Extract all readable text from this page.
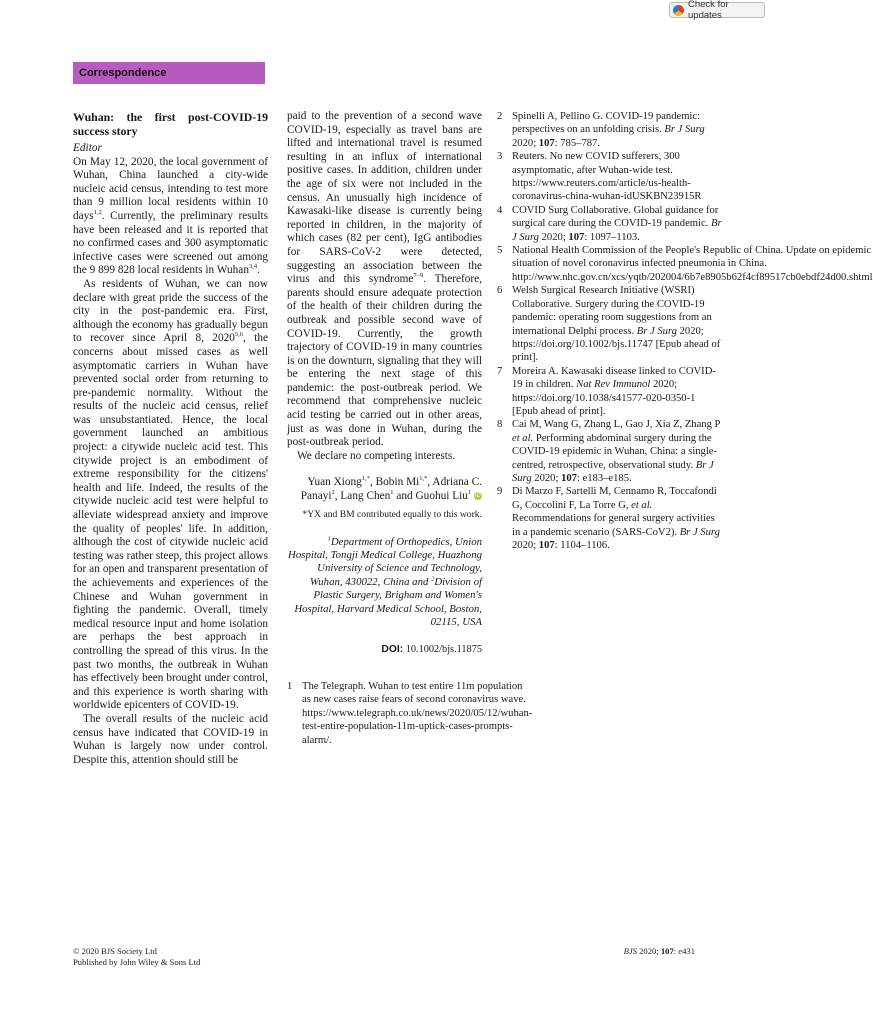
Check for updates
Correspondence

Wuhan: the first post-COVID-19 success story

Editor

On May 12, 2020, the local government of Wuhan, China launched a city-wide nucleic acid census, intending to test more than 9 million local residents within 10 days$^{1,2}$. Currently, the preliminary results have been released and it is reported that no confirmed cases and 300 asymptomatic infective cases were screened out among the 9 899 828 local residents in Wuhan$^{3,4}$.

As residents of Wuhan, we can now declare with great pride the success of the city in the post-pandemic era. First, although the economy has gradually begun to recover since April 8, 2020$^{5,6}$, the concerns about missed cases as well asymptomatic carriers in Wuhan have prevented social order from returning to pre-pandemic normality. Without the results of the nucleic acid census, relief was unsubstantiated. Hence, the local government launched an ambitious project: a citywide nucleic acid test. This citywide project is an embodiment of extreme responsibility for the citizens' health and life. Indeed, the results of the citywide nucleic acid test were helpful to alleviate widespread anxiety and improve the quality of peoples' life. In addition, although the cost of citywide nucleic acid testing was rather steep, this project allows for an open and transparent presentation of the achievements and experiences of the Chinese and Wuhan government in fighting the pandemic. Overall, timely medical resource input and home isolation are perhaps the best approach in controlling the spread of this virus. In the past two months, the outbreak in Wuhan has effectively been brought under control, and this experience is worth sharing with worldwide epicenters of COVID-19.

The overall results of the nucleic acid census have indicated that COVID-19 in Wuhan is largely now under control. Despite this, attention should still be

paid to the prevention of a second wave COVID-19, especially as travel bans are lifted and international travel is resumed resulting in an influx of international positive cases. In addition, children under the age of six were not included in the census. An unusually high incidence of Kawasaki-like disease is currently being reported in children, in the majority of which cases (82 per cent), IgG antibodies for SARS-CoV-2 were detected, suggesting an association between the virus and this syndrome$^{7-9}$. Therefore, parents should ensure adequate protection of the health of their children during the outbreak and possible second wave of COVID-19. Currently, the growth trajectory of COVID-19 in many countries is on the downturn, signaling that they will be entering the next stage of this pandemic: the post-outbreak period. We recommend that comprehensive nucleic acid testing be carried out in other areas, just as was done in Wuhan, during the post-outbreak period.

We declare no competing interests.

Yuan Xiong$^{1,*}$, Bobin $Mi^{1,*}$, Adriana C. Panayi$^2$, Lang Chen$^1$ and Guohui Liu$^1$ iD

*YX and BM contributed equally to this work.

$^1$Department of Orthopedics, Union Hospital, Tongji Medical College, Huazhong University of Science and Technology, Wuhan, 430022, China and $^2$Division of Plastic Surgery, Brigham and Women's Hospital, Harvard Medical School, Boston, 02115, USA

DOI: 10.1002/bjs.11875

1 The Telegraph. Wuhan to test entire 11m population as new cases raise fears of second coronavirus wave. https://www.telegraph.co.uk/news/2020/05/12/wuhan-test-entire-population-11m-uptick-cases-prompts-alarm/.
2 Spinelli A, Pellino G. COVID-19 pandemic: perspectives on an unfolding crisis. Br J Surg 2020; 107: 785–787.
3 Reuters. No new COVID sufferers, 300 asymptomatic, after Wuhan-wide test. https://www.reuters.com/article/us-health-coronavirus-china-wuhan-idUSKBN23915R
4 COVID Surg Collaborative. Global guidance for surgical care during the COVID-19 pandemic. Br J Surg 2020; 107: 1097–1103.
5 National Health Commission of the People's Republic of China. Update on epidemic situation of novel coronavirus infected pneumonia in China. http://www.nhc.gov.cn/xcs/yqtb/202004/6b7e8905b62f4cf89517cb0ebdf24d00.shtml
6 Welsh Surgical Research Initiative (WSRI) Collaborative. Surgery during the COVID-19 pandemic: operating room suggestions from an international Delphi process. Br J Surg 2020; https://doi.org/10.1002/bjs.11747 [Epub ahead of print].
7 Moreira A. Kawasaki disease linked to COVID-19 in children. Nat Rev Immunol 2020; https://doi.org/10.1038/s41577-020-0350-1 [Epub ahead of print].
8 Cai M, Wang G, Zhang L, Gao J, Xia Z, Zhang P et al. Performing abdominal surgery during the COVID-19 epidemic in Wuhan, China: a single-centred, retrospective, observational study. Br J Surg 2020; 107: e183–e185.
9 Di Marzo F, Sartelli M, Cennamo R, Toccafondi G, Coccolini F, La Torre G, et al. Recommendations for general surgery activities in a pandemic scenario (SARS-CoV2). Br J Surg 2020; 107: 1104–1106.
© 2020 BJS Society Ltd
Published by John Wiley & Sons Ltd
BJS 2020; 107: e431
